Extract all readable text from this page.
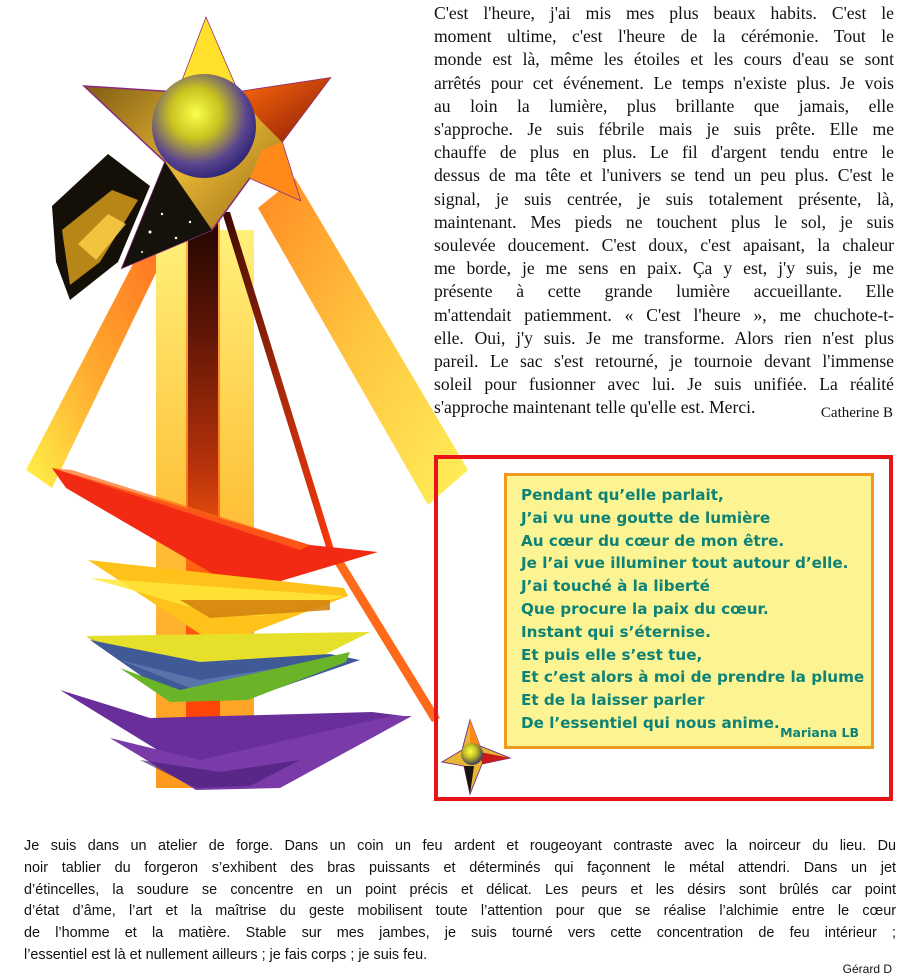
C'est l'heure, j'ai mis mes plus beaux habits. C'est le
moment ultime, c'est l'heure de la cérémonie. Tout le
monde est là, même les étoiles et les cours d'eau se sont
arrêtés pour cet événement. Le temps n'existe plus. Je vois
au loin la lumière, plus brillante que jamais, elle
s'approche. Je suis fébrile mais je suis prête. Elle me
chauffe de plus en plus. Le fil d'argent tendu entre le
dessus de ma tête et l'univers se tend un peu plus. C'est le
signal, je suis centrée, je suis totalement présente, là,
maintenant. Mes pieds ne touchent plus le sol, je suis
soulevée doucement. C'est doux, c'est apaisant, la chaleur
me borde, je me sens en paix. Ça y est, j'y suis, je me
présente à cette grande lumière accueillante. Elle
m'attendait patiemment. « C'est l'heure », me chuchote-t-
elle. Oui, j'y suis. Je me transforme. Alors rien n'est plus
pareil. Le sac s'est retourné, je tournoie devant l'immense
soleil pour fusionner avec lui. Je suis unifiée. La réalité
s'approche maintenant telle qu'elle est. Merci.	Catherine B
Pendant qu’elle parlait,
J’ai vu une goutte de lumière
Au cœur du cœur de mon être.
Je l’ai vue illuminer tout autour d’elle.
J’ai touché à la liberté
Que procure la paix du cœur.
Instant qui s’éternise.
Et puis elle s’est tue,
Et c’est alors à moi de prendre la plume
Et de la laisser parler
De l’essentiel qui nous anime.
Mariana LB
Je suis dans un atelier de forge. Dans un coin un feu ardent et rougeoyant contraste avec la noirceur du lieu. Du
noir tablier du forgeron s’exhibent des bras puissants et déterminés qui façonnent le métal attendri. Dans un jet
d’étincelles, la soudure se concentre en un point précis et délicat. Les peurs et les désirs sont brûlés car point
d’état d’âme, l’art et la maîtrise du geste mobilisent toute l’attention pour que se réalise l’alchimie entre le cœur
de l’homme et la matière. Stable sur mes jambes, je suis tourné vers cette concentration de feu intérieur ;
l’essentiel est là et nullement ailleurs ; je fais corps ; je suis feu.
Gérard D
